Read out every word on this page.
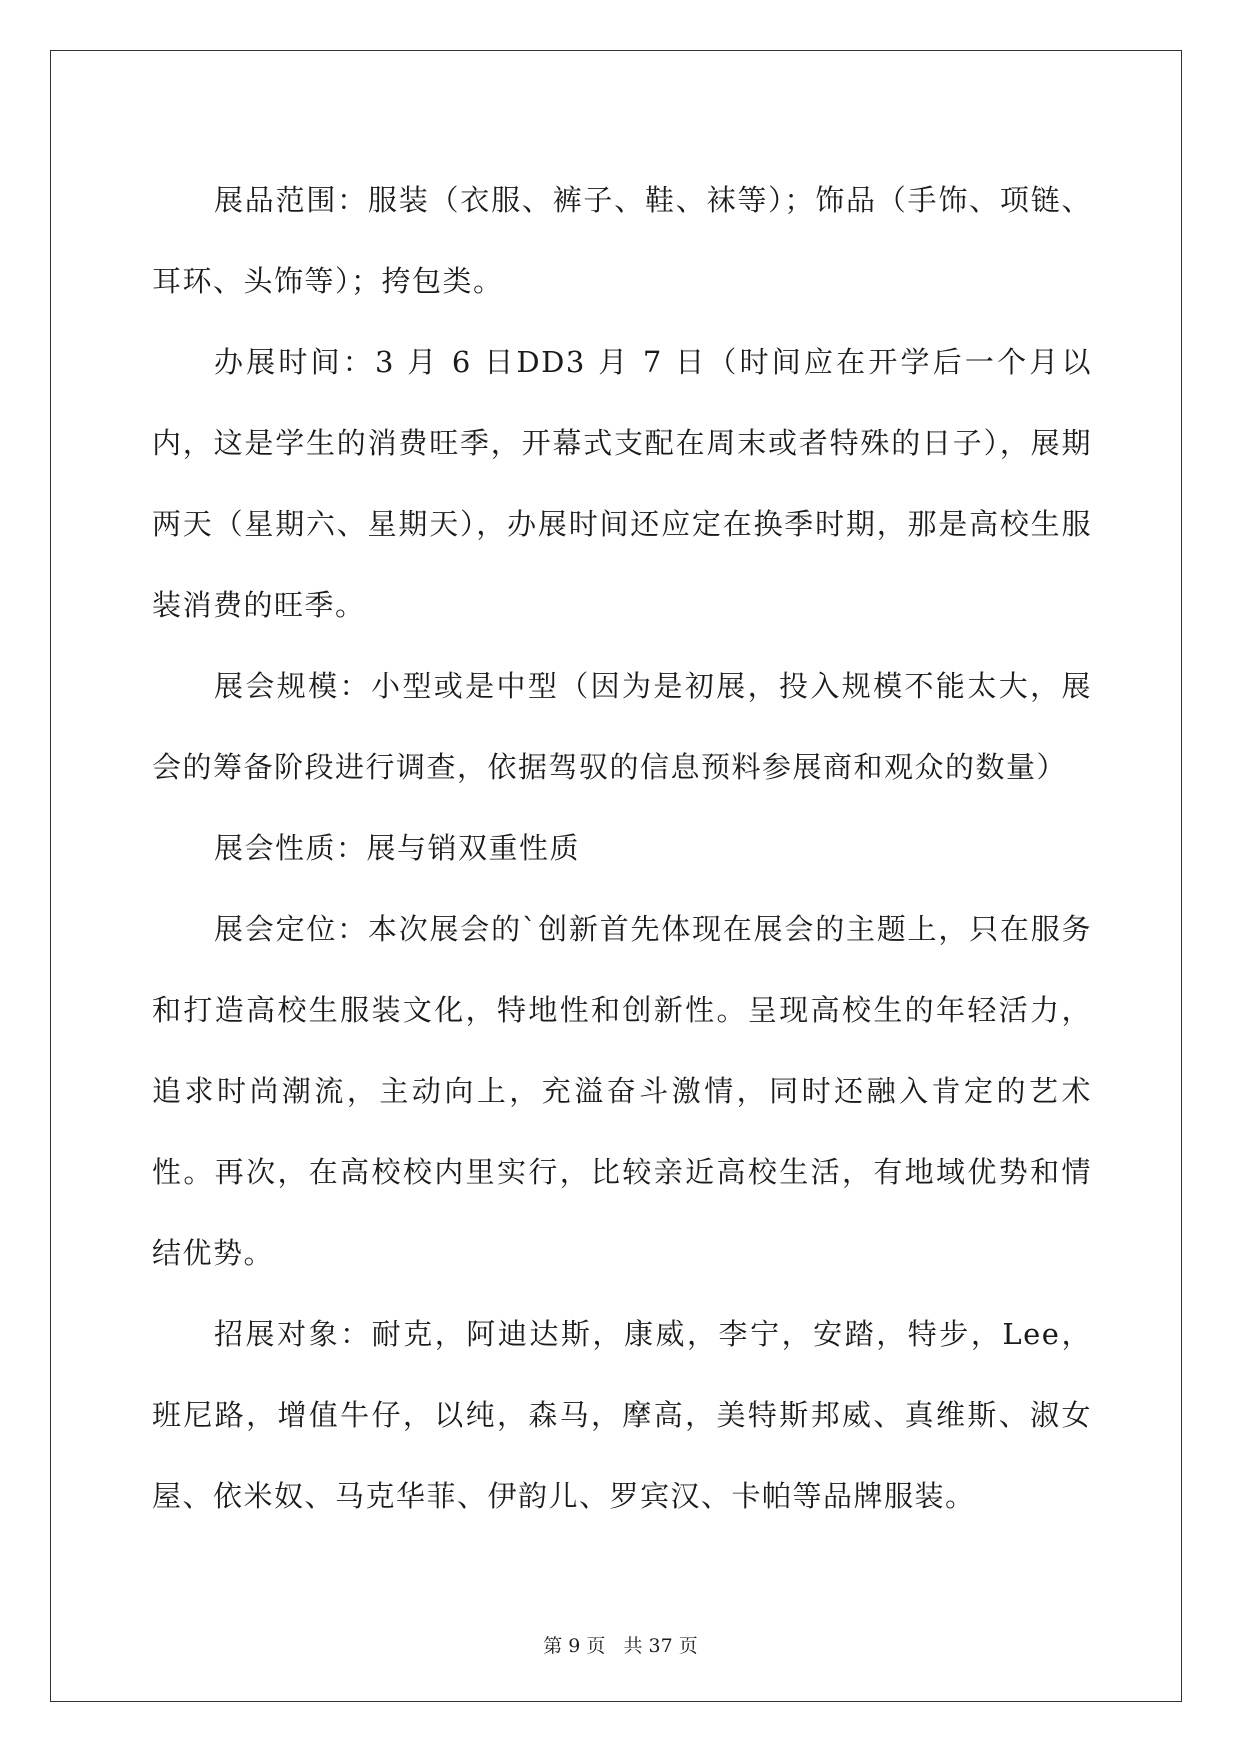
展品范围：服装（衣服、裤子、鞋、袜等）；饰品（手饰、项链、耳环、头饰等）；挎包类。

办展时间：3 月 6 日DD3 月 7 日（时间应在开学后一个月以内，这是学生的消费旺季，开幕式支配在周末或者特殊的日子），展期两天（星期六、星期天），办展时间还应定在换季时期，那是高校生服装消费的旺季。

展会规模：小型或是中型（因为是初展，投入规模不能太大，展会的筹备阶段进行调查，依据驾驭的信息预料参展商和观众的数量）

展会性质：展与销双重性质

展会定位：本次展会的`创新首先体现在展会的主题上，只在服务和打造高校生服装文化，特地性和创新性。呈现高校生的年轻活力，追求时尚潮流，主动向上，充溢奋斗激情，同时还融入肯定的艺术性。再次，在高校校内里实行，比较亲近高校生活，有地域优势和情结优势。

招展对象：耐克，阿迪达斯，康威，李宁，安踏，特步，Lee，班尼路，增值牛仔，以纯，森马，摩高，美特斯邦威、真维斯、淑女屋、依米奴、马克华菲、伊韵儿、罗宾汉、卡帕等品牌服装。

第 9 页 共 37 页
